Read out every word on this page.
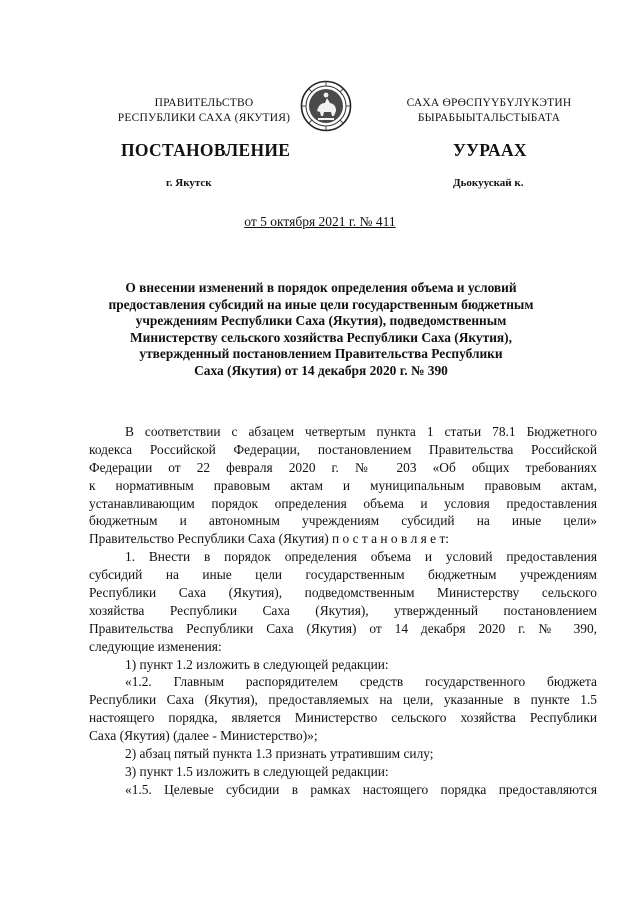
ПРАВИТЕЛЬСТВО
РЕСПУБЛИКИ САХА (ЯКУТИЯ)
САХА ӨРӨСПҮҮБҮЛҮКЭТИН
БЫРАБЫЫТАЛЬСТЫБАТА
ПОСТАНОВЛЕНИЕ	УУРААХ
г. Якутск	Дьокуускай к.
от 5 октября 2021 г. № 411
О внесении изменений в порядок определения объема и условий
предоставления субсидий на иные цели государственным бюджетным
учреждениям Республики Саха (Якутия), подведомственным
Министерству сельского хозяйства Республики Саха (Якутия),
утвержденный постановлением Правительства Республики
Саха (Якутия) от 14 декабря 2020 г. № 390
В соответствии с абзацем четвертым пункта 1 статьи 78.1 Бюджетного
кодекса Российской Федерации, постановлением Правительства Российской
Федерации от 22 февраля 2020 г. № 203 «Об общих требованиях
к нормативным правовым актам и муниципальным правовым актам,
устанавливающим порядок определения объема и условия предоставления
бюджетным и автономным учреждениям субсидий на иные цели»
Правительство Республики Саха (Якутия) п о с т а н о в л я е т:
1. Внести в порядок определения объема и условий предоставления
субсидий на иные цели государственным бюджетным учреждениям
Республики Саха (Якутия), подведомственным Министерству сельского
хозяйства Республики Саха (Якутия), утвержденный постановлением
Правительства Республики Саха (Якутия) от 14 декабря 2020 г. № 390,
следующие изменения:
1) пункт 1.2 изложить в следующей редакции:
«1.2. Главным распорядителем средств государственного бюджета
Республики Саха (Якутия), предоставляемых на цели, указанные в пункте 1.5
настоящего порядка, является Министерство сельского хозяйства Республики
Саха (Якутия) (далее - Министерство)»;
2) абзац пятый пункта 1.3 признать утратившим силу;
3) пункт 1.5 изложить в следующей редакции:
«1.5. Целевые субсидии в рамках настоящего порядка предоставляются
